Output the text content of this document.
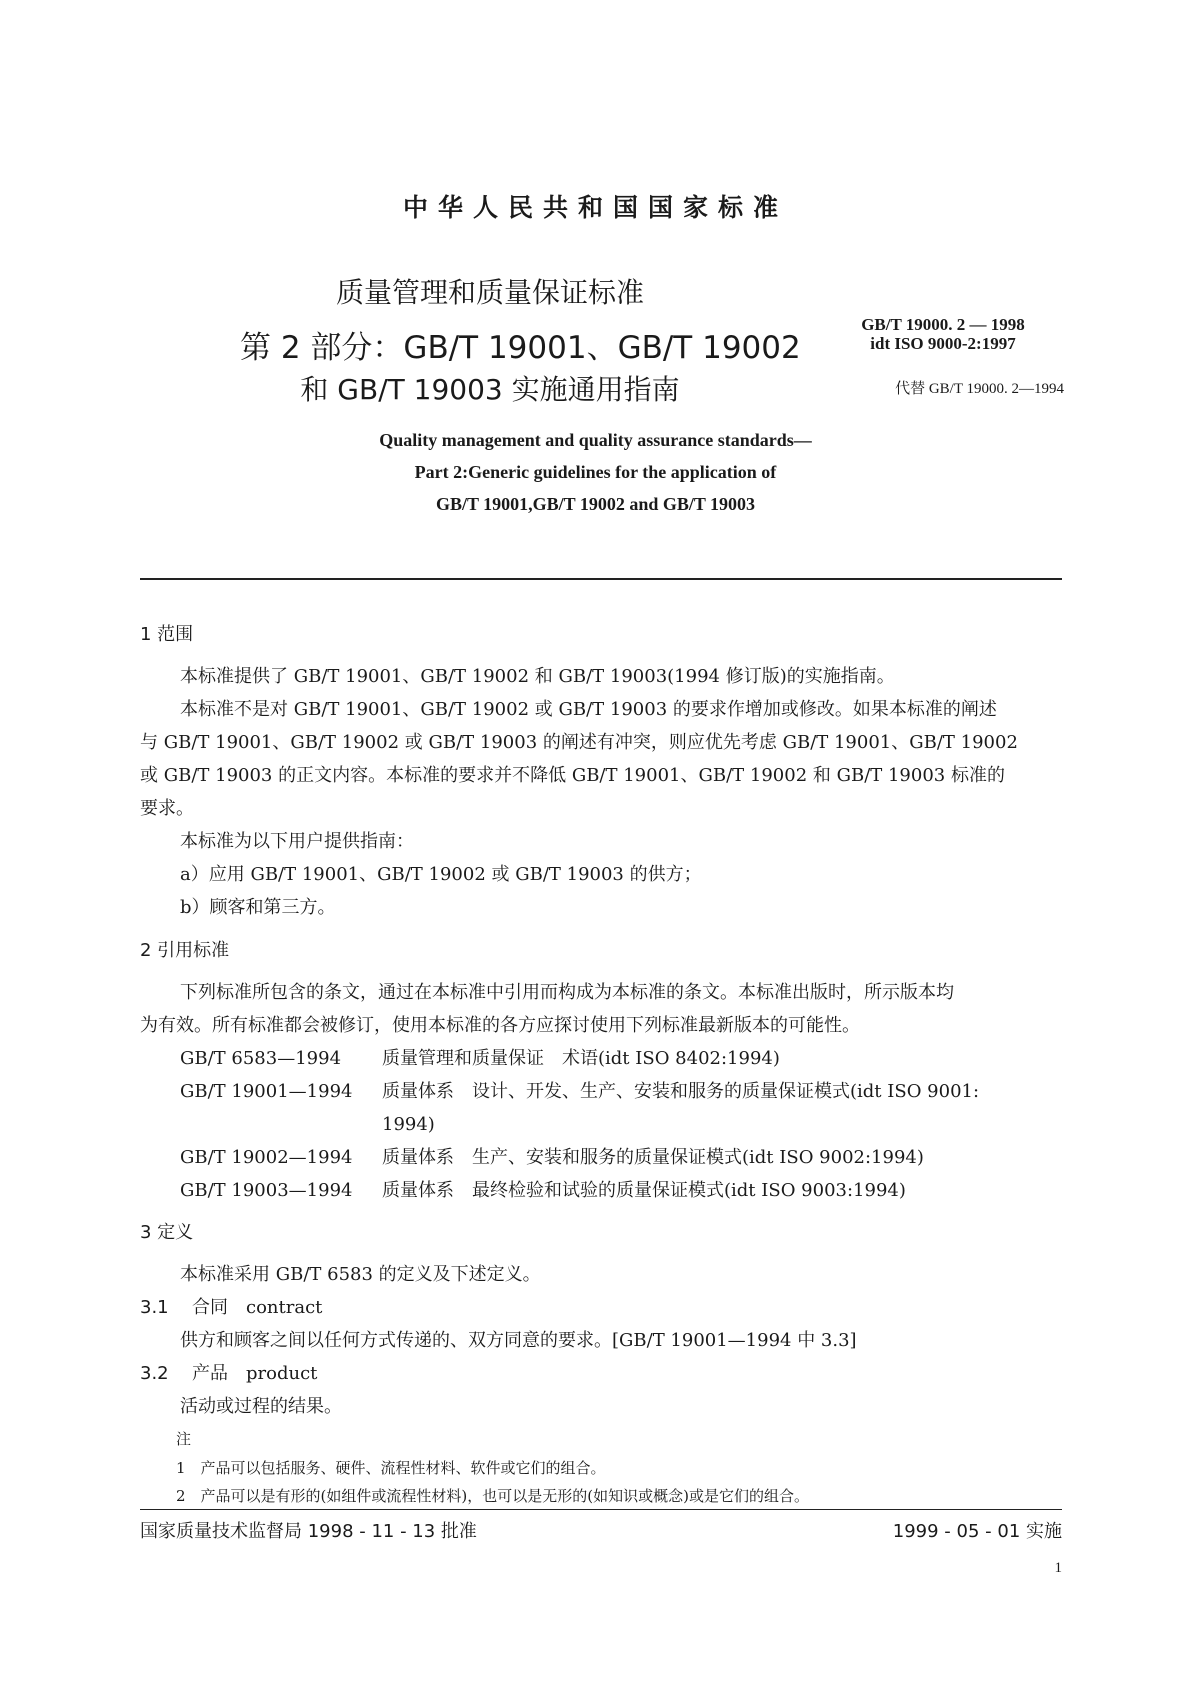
中华人民共和国国家标准
质量管理和质量保证标准
第 2 部分：GB/T 19001、GB/T 19002
和 GB/T 19003 实施通用指南
GB/T 19000. 2 — 1998
idt ISO 9000-2:1997
代替 GB/T 19000. 2—1994
Quality management and quality assurance standards—
Part 2:Generic guidelines for the application of
GB/T 19001,GB/T 19002 and GB/T 19003
1 范围
本标准提供了 GB/T 19001、GB/T 19002 和 GB/T 19003(1994 修订版)的实施指南。
本标准不是对 GB/T 19001、GB/T 19002 或 GB/T 19003 的要求作增加或修改。如果本标准的阐述
与 GB/T 19001、GB/T 19002 或 GB/T 19003 的阐述有冲突，则应优先考虑 GB/T 19001、GB/T 19002
或 GB/T 19003 的正文内容。本标准的要求并不降低 GB/T 19001、GB/T 19002 和 GB/T 19003 标准的
要求。
本标准为以下用户提供指南：
a）应用 GB/T 19001、GB/T 19002 或 GB/T 19003 的供方；
b）顾客和第三方。
2 引用标准
下列标准所包含的条文，通过在本标准中引用而构成为本标准的条文。本标准出版时，所示版本均
为有效。所有标准都会被修订，使用本标准的各方应探讨使用下列标准最新版本的可能性。
GB/T 6583—1994 质量管理和质量保证　术语(idt ISO 8402:1994)
GB/T 19001—1994 质量体系　设计、开发、生产、安装和服务的质量保证模式(idt ISO 9001:
1994)
GB/T 19002—1994 质量体系　生产、安装和服务的质量保证模式(idt ISO 9002:1994)
GB/T 19003—1994 质量体系　最终检验和试验的质量保证模式(idt ISO 9003:1994)
3 定义
本标准采用 GB/T 6583 的定义及下述定义。
3.1 合同　contract
供方和顾客之间以任何方式传递的、双方同意的要求。[GB/T 19001—1994 中 3.3]
3.2 产品　product
活动或过程的结果。
注
1　产品可以包括服务、硬件、流程性材料、软件或它们的组合。
2　产品可以是有形的(如组件或流程性材料)，也可以是无形的(如知识或概念)或是它们的组合。
国家质量技术监督局 1998 - 11 - 13 批准	1999 - 05 - 01 实施
1
